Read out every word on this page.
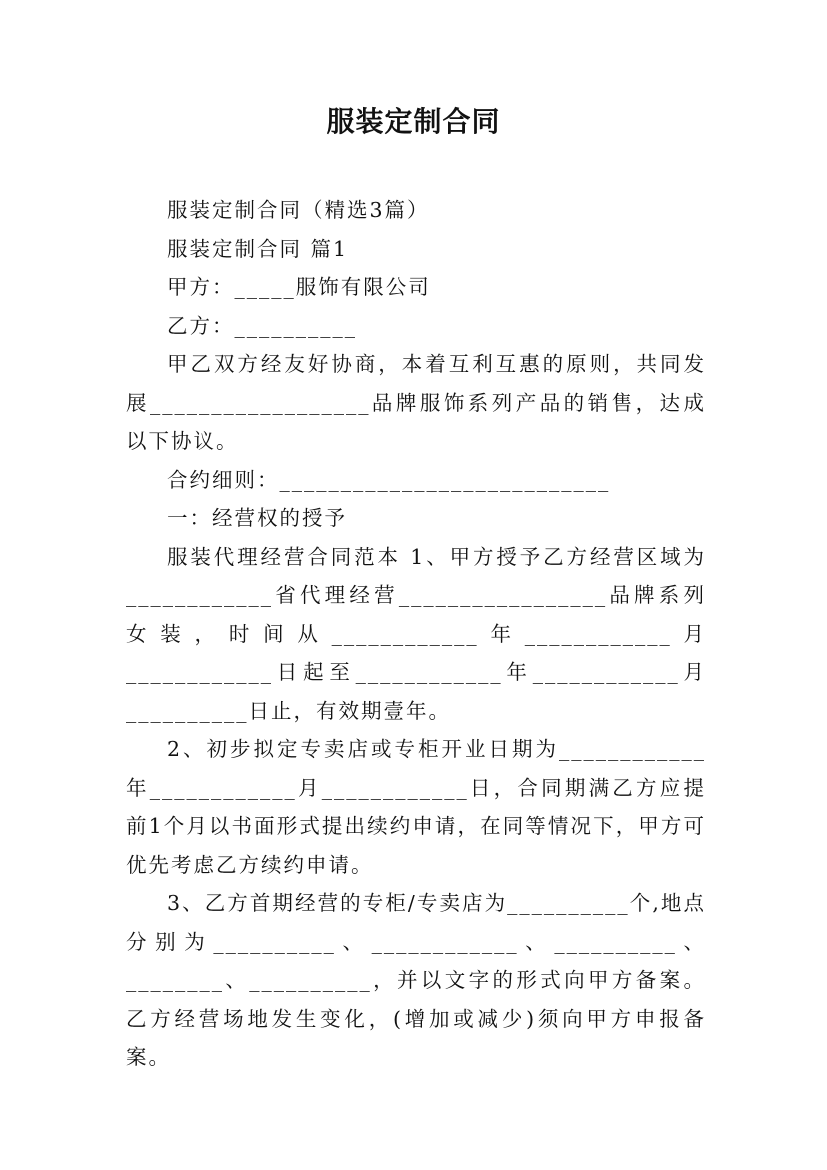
服装定制合同

服装定制合同（精选3篇）

服装定制合同 篇1

甲方：_____服饰有限公司

乙方：__________

甲乙双方经友好协商，本着互利互惠的原则，共同发展__________________品牌服饰系列产品的销售，达成以下协议。

合约细则：___________________________

一：经营权的授予

服装代理经营合同范本 1、甲方授予乙方经营区域为____________省代理经营_________________品牌系列女装，时间从____________年____________月____________日起至____________年____________月__________日止，有效期壹年。

2、初步拟定专卖店或专柜开业日期为____________年____________月____________日，合同期满乙方应提前1个月以书面形式提出续约申请，在同等情况下，甲方可优先考虑乙方续约申请。

3、乙方首期经营的专柜/专卖店为__________个,地点分别为__________、____________、__________、________、__________，并以文字的形式向甲方备案。乙方经营场地发生变化，(增加或减少)须向甲方申报备案。
